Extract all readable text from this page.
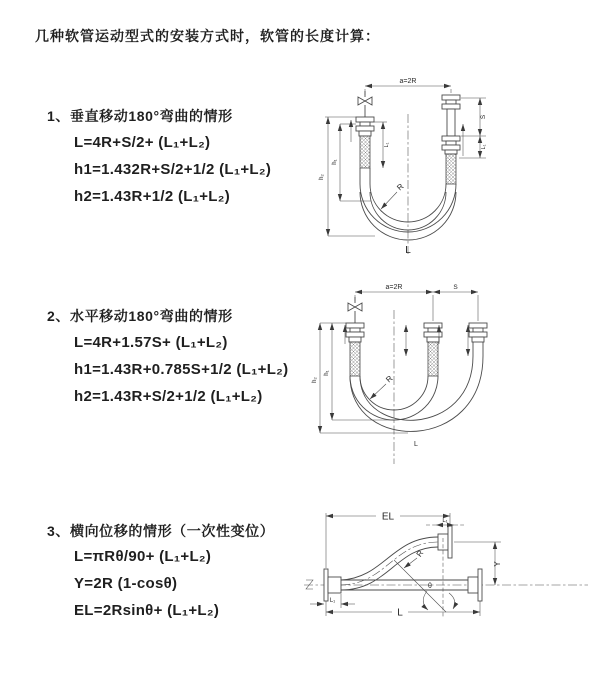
几种软管运动型式的安装方式时，软管的长度计算：
1、垂直移动180°弯曲的情形
L=4R+S/2+ (L₁+L₂)
h1=1.432R+S/2+1/2 (L₁+L₂)
h2=1.43R+1/2 (L₁+L₂)
a=2R
h₁
h₂
S
L₁
L₁
R
L
2、水平移动180°弯曲的情形
L=4R+1.57S+ (L₁+L₂)
h1=1.43R+0.785S+1/2 (L₁+L₂)
h2=1.43R+S/2+1/2 (L₁+L₂)
a=2R	S
h₁
h₂	R
L
3、横向位移的情形（一次性变位）
L=πRθ/90+ (L₁+L₂)
Y=2R (1-cosθ)
EL=2Rsinθ+ (L₁+L₂)
θ
R
EL	L₁
Y
L
L₁
